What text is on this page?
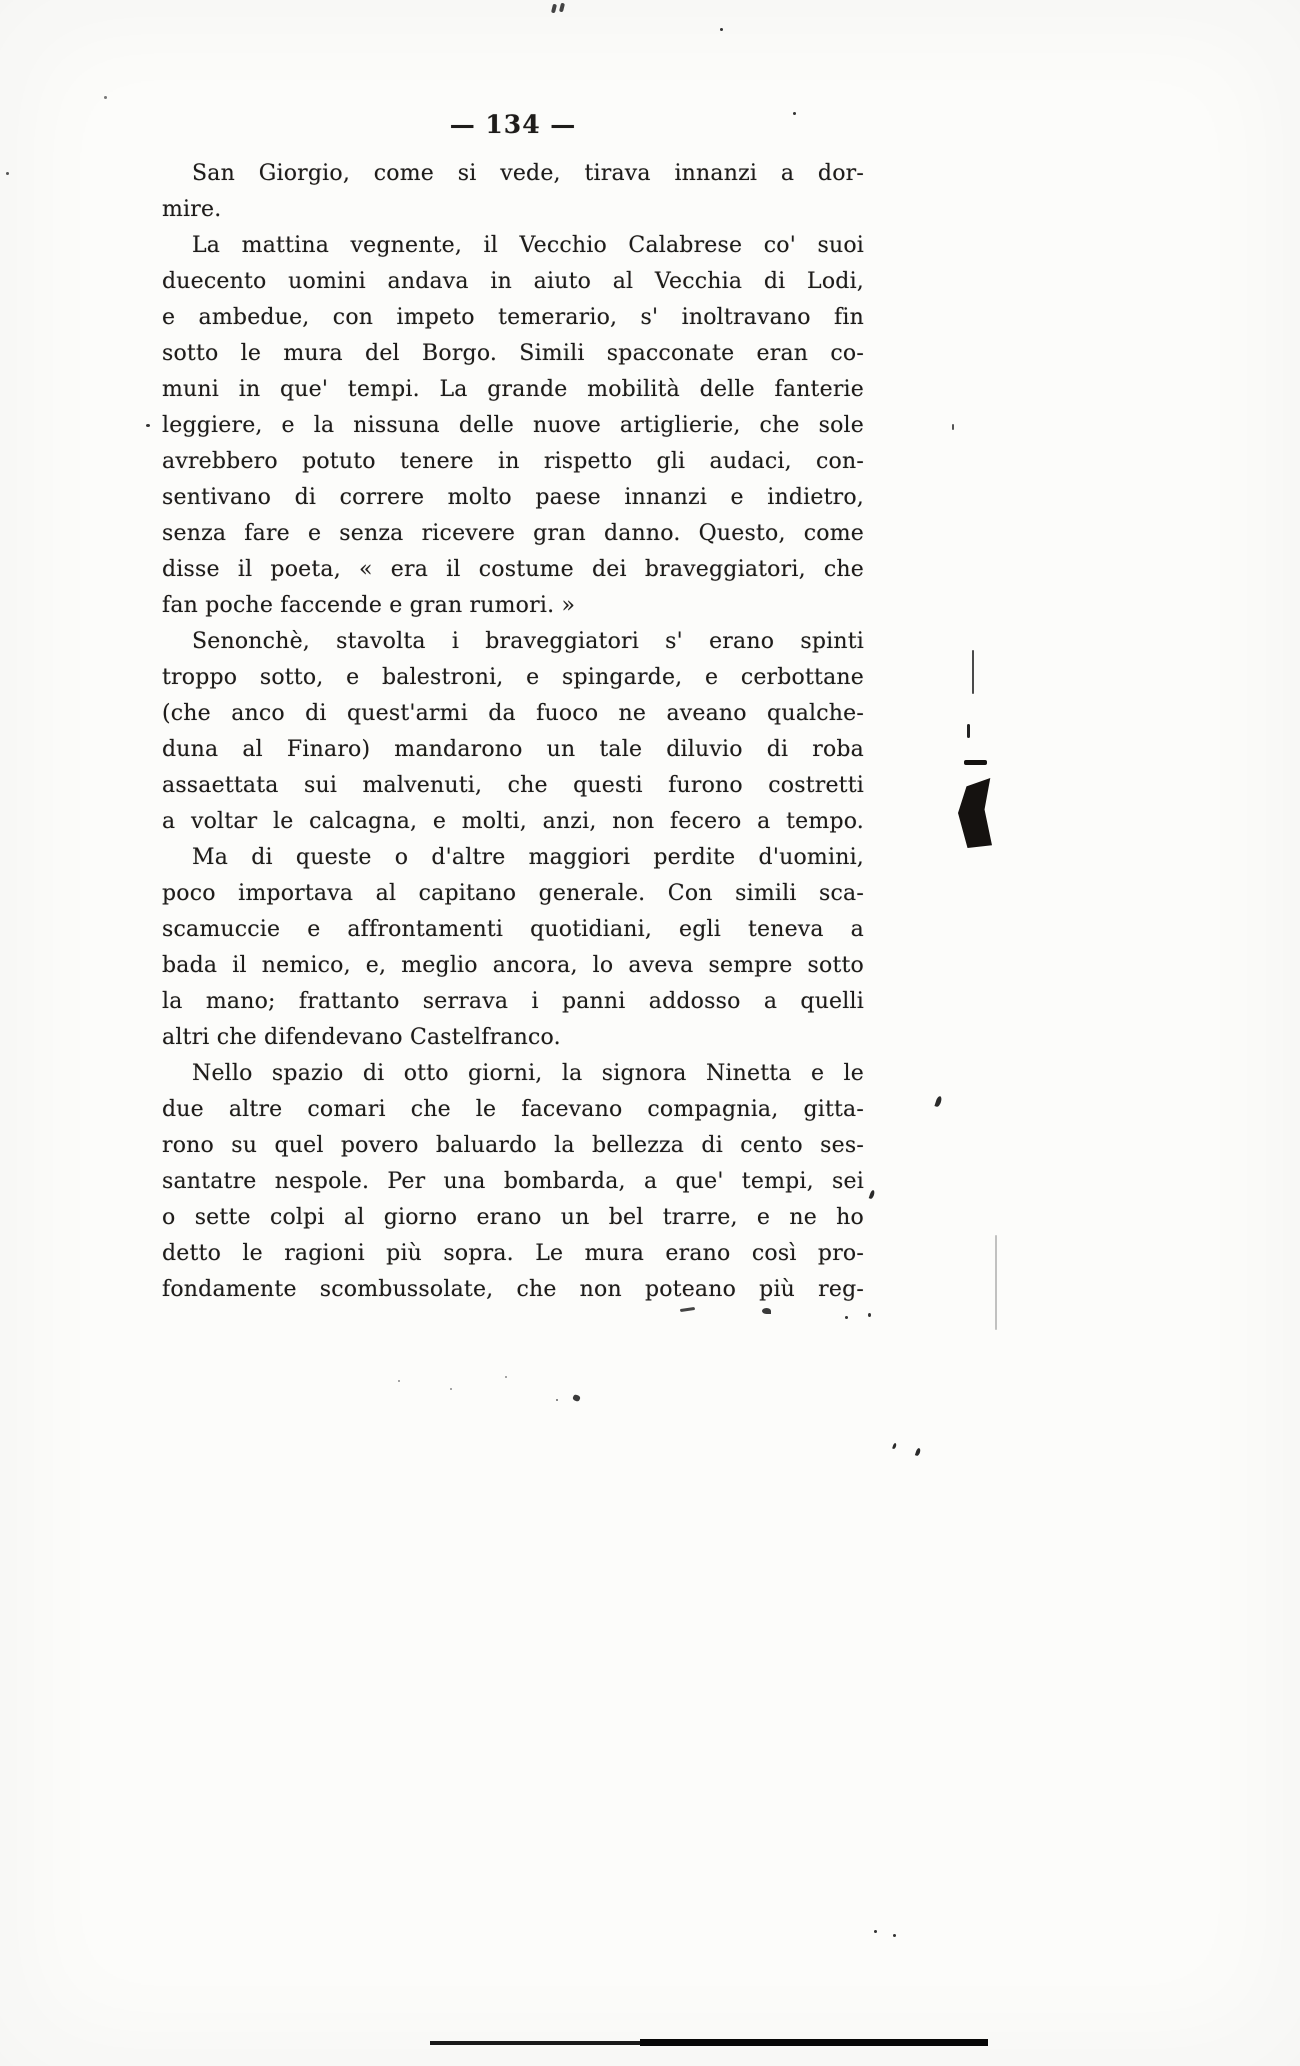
— 134 —
San Giorgio, come si vede, tirava innanzi a dor-
mire.
La mattina vegnente, il Vecchio Calabrese co' suoi
duecento uomini andava in aiuto al Vecchia di Lodi,
e ambedue, con impeto temerario, s' inoltravano fin
sotto le mura del Borgo. Simili spacconate eran co-
muni in que' tempi. La grande mobilità delle fanterie
leggiere, e la nissuna delle nuove artiglierie, che sole
avrebbero potuto tenere in rispetto gli audaci, con-
sentivano di correre molto paese innanzi e indietro,
senza fare e senza ricevere gran danno. Questo, come
disse il poeta, « era il costume dei braveggiatori, che
fan poche faccende e gran rumori. »
Senonchè, stavolta i braveggiatori s' erano spinti
troppo sotto, e balestroni, e spingarde, e cerbottane
(che anco di quest'armi da fuoco ne aveano qualche-
duna al Finaro) mandarono un tale diluvio di roba
assaettata sui malvenuti, che questi furono costretti
a voltar le calcagna, e molti, anzi, non fecero a tempo.
Ma di queste o d'altre maggiori perdite d'uomini,
poco importava al capitano generale. Con simili sca-
scamuccie e affrontamenti quotidiani, egli teneva a
bada il nemico, e, meglio ancora, lo aveva sempre sotto
la mano; frattanto serrava i panni addosso a quelli
altri che difendevano Castelfranco.
Nello spazio di otto giorni, la signora Ninetta e le
due altre comari che le facevano compagnia, gitta-
rono su quel povero baluardo la bellezza di cento ses-
santatre nespole. Per una bombarda, a que' tempi, sei
o sette colpi al giorno erano un bel trarre, e ne ho
detto le ragioni più sopra. Le mura erano così pro-
fondamente scombussolate, che non poteano più reg-
